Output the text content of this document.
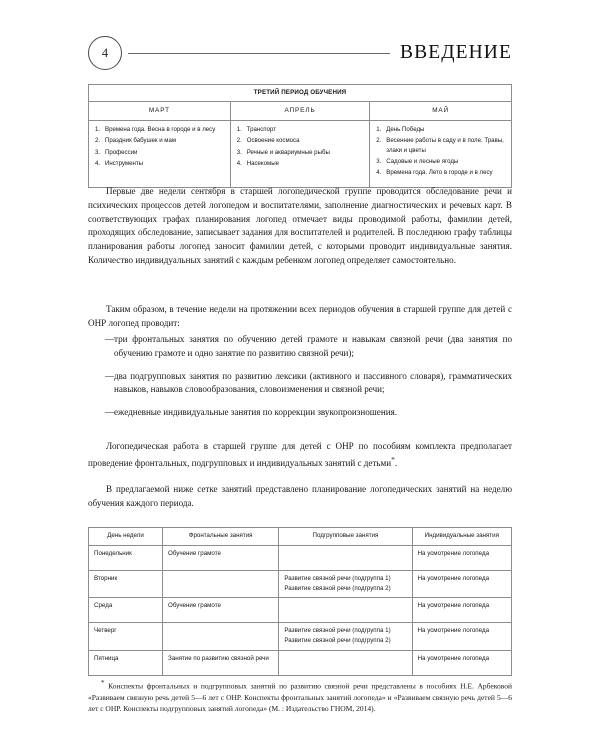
4	ВВЕДЕНИЕ
ТРЕТИЙ ПЕРИОД ОБУЧЕНИЯ		
МАРТ	АПРЕЛЬ	МАЙ

1. Времена года. Весна в городе и в лесу
2. Праздник бабушек и мам
3. Профессии
4. Инструменты

1. Транспорт
2. Освоение космоса
3. Речные и аквариумные рыбы
4. Насекомые

1. День Победы
2. Весенние работы в саду и в поле. Травы, злаки и цветы
3. Садовые и лесные ягоды
4. Времена года. Лето в городе и в лесу

Первые две недели сентября в старшей логопедической группе проводится обследование речи и психических процессов детей логопедом и воспитателями, заполнение диагностических и речевых карт. В соответствующих графах планирования логопед отмечает виды проводимой работы, фамилии детей, проходящих обследование, записывает задания для воспитателей и родителей. В последнюю графу таблицы планирования работы логопед заносит фамилии детей, с которыми проводит индивидуальные занятия. Количество индивидуальных занятий с каждым ребенком логопед определяет самостоятельно.

Таким образом, в течение недели на протяжении всех периодов обучения в старшей группе для детей с ОНР логопед проводит:

— три фронтальных занятия по обучению детей грамоте и навыкам связной речи (два занятия по обучению грамоте и одно занятие по развитию связной речи);
— два подгрупповых занятия по развитию лексики (активного и пассивного словаря), грамматических навыков, навыков словообразования, словоизменения и связной речи;
— ежедневные индивидуальные занятия по коррекции звукопроизношения.

Логопедическая работа в старшей группе для детей с ОНР по пособиям комплекта предполагает проведение фронтальных, подгрупповых и индивидуальных занятий с детьми*.

В предлагаемой ниже сетке занятий представлено планирование логопедических занятий на неделю обучения каждого периода.

День недели	Фронтальные занятия	Подгрупповые занятия	Индивидуальные занятия
Понедельник	Обучение грамоте		На усмотрение логопеда
Вторник		Развитие связной речи (подгруппа 1)
Развитие связной речи (подгруппа 2)	На усмотрение логопеда
Среда	Обучение грамоте		На усмотрение логопеда
Четверг		Развитие связной речи (подгруппа 1)
Развитие связной речи (подгруппа 2)	На усмотрение логопеда
Пятница	Занятие по развитию связной речи		На усмотрение логопеда

* Конспекты фронтальных и подгрупповых занятий по развитию связной речи представлены в пособиях Н.Е. Арбековой «Развиваем связную речь детей 5—6 лет с ОНР. Конспекты фронтальных занятий логопеда» и «Развиваем связную речь детей 5—6 лет с ОНР. Конспекты подгрупповых занятий логопеда» (М. : Издательство ГНОМ, 2014).
